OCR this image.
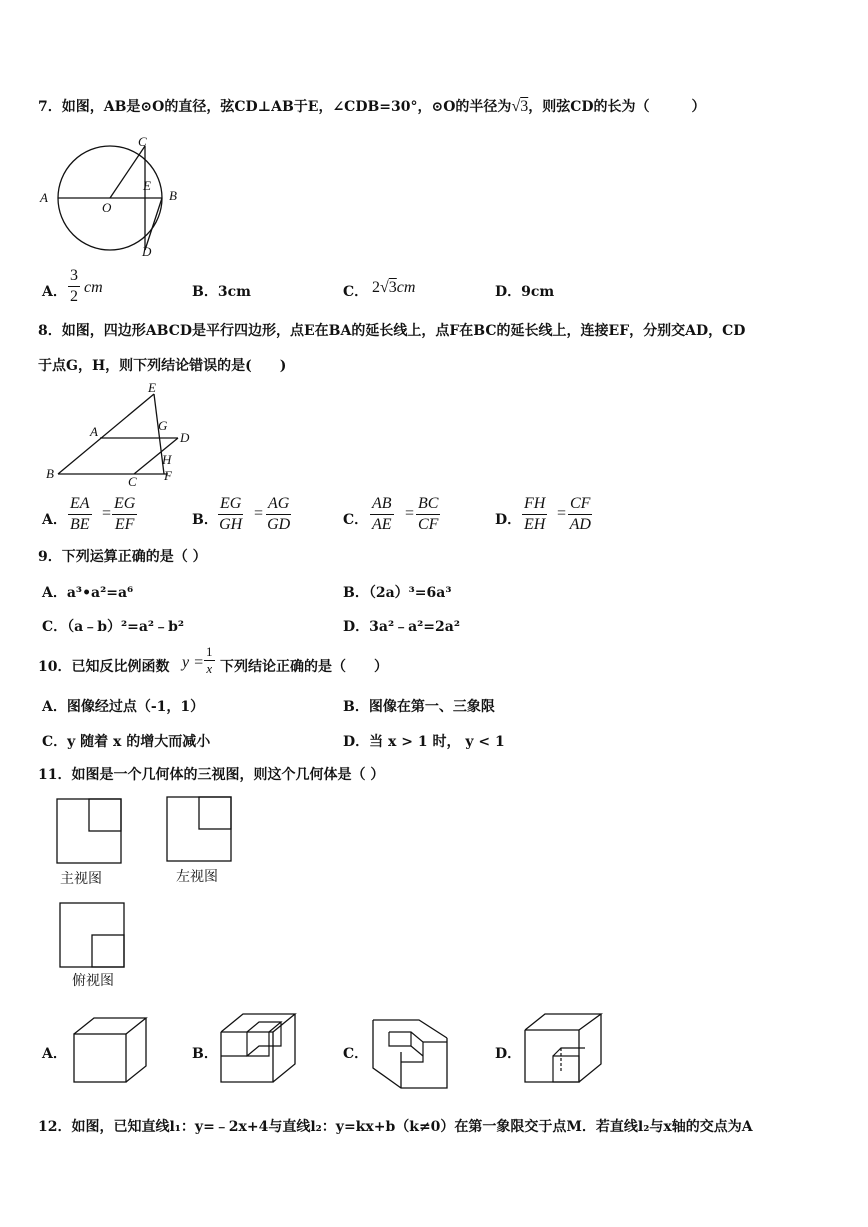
7．如图，AB是⊙O的直径，弦CD⊥AB于E，∠CDB=30°，⊙O的半径为√3，则弦CD的长为（　　　）
A	B
C
D
E
O
A． $\frac{3}{2}$ cm	B．3cm	C． 2√3cm	D．9cm
8．如图，四边形ABCD是平行四边形，点E在BA的延长线上，点F在BC的延长线上，连接EF，分别交AD，CD
于点G，H，则下列结论错误的是(　　)
E
A
B
C
D
G
H
F
A． $\frac{EA}{BE} = \frac{EG}{EF}$	B． $\frac{EG}{GH} = \frac{AG}{GD}$	C． $\frac{AB}{AE} = \frac{BC}{CF}$	D． $\frac{FH}{EH} = \frac{CF}{AD}$
9．下列运算正确的是（ ）
A．a³•a²=a⁶	B．（2a）³=6a³
C．（a﹣b）²=a²﹣b²	D．3a²﹣a²=2a²
10．已知反比例函数 $y = \frac{1}{x}$ 下列结论正确的是（　　）
A．图像经过点（-1，1）	B．图像在第一、三象限
C．y 随着 x 的增大而减小	D．当 x > 1 时， y < 1
11．如图是一个几何体的三视图，则这个几何体是（ ）
主视图	左视图
俯视图
A．	B．	C．	D．
12．如图，已知直线l₁：y=﹣2x+4与直线l₂：y=kx+b（k≠0）在第一象限交于点M．若直线l₂与x轴的交点为A
